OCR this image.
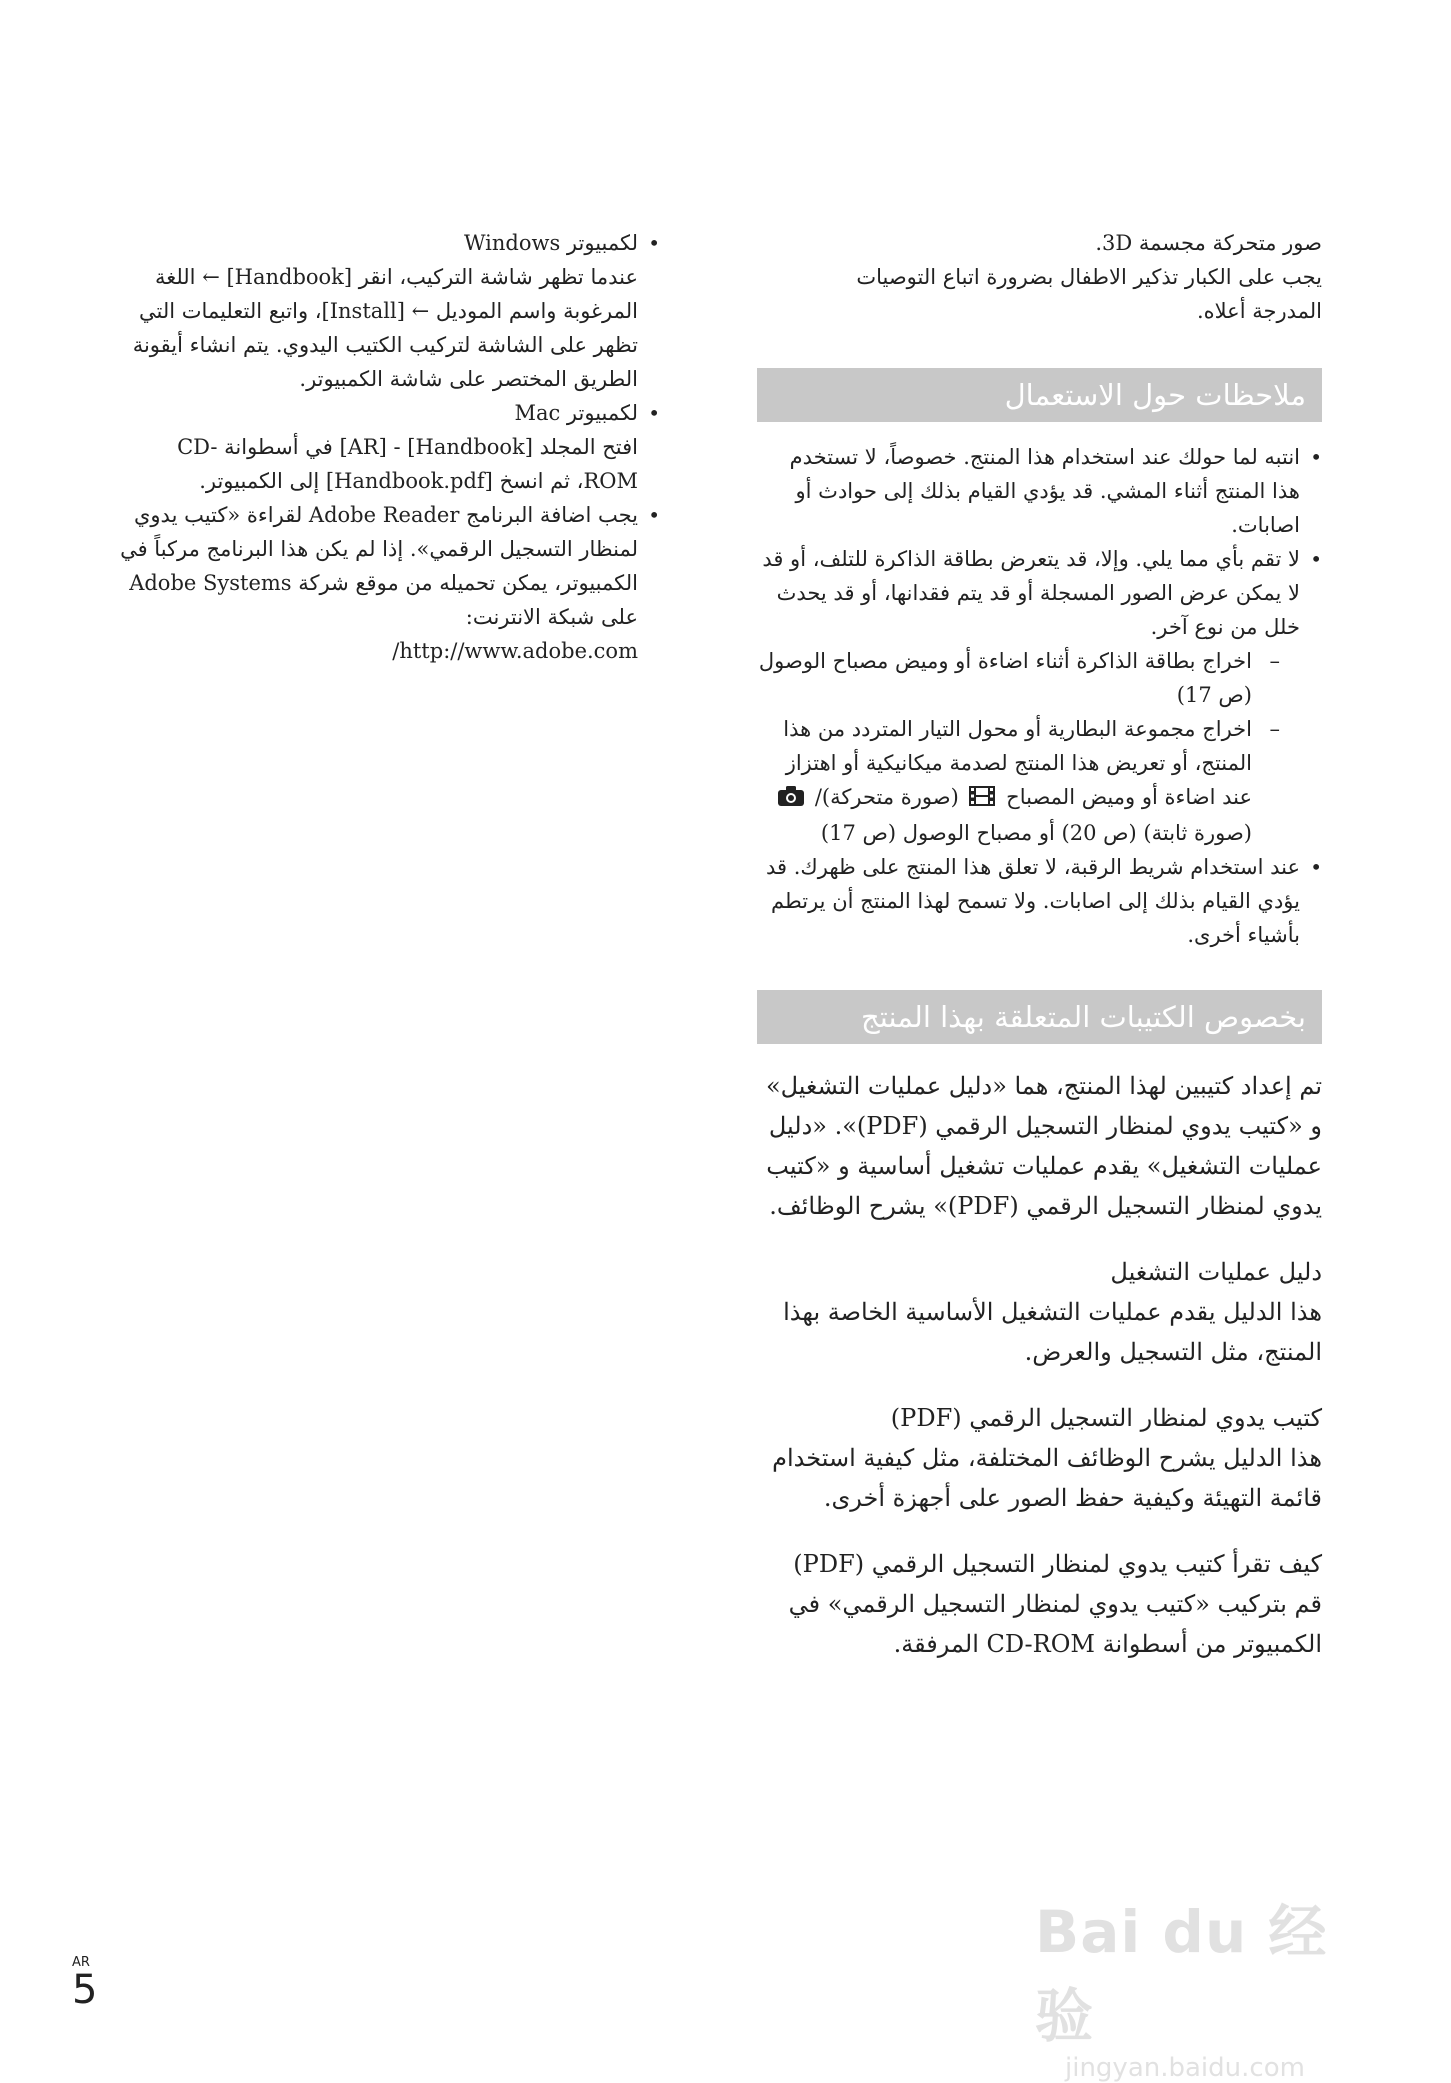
صور متحركة مجسمة 3D.

يجب على الكبار تذكير الاطفال بضرورة اتباع التوصيات

المدرجة أعلاه.

ملاحظات حول الاستعمال
• انتبه لما حولك عند استخدام هذا المنتج. خصوصاً، لا تستخدم هذا المنتج أثناء المشي. قد يؤدي القيام بذلك إلى حوادث أو اصابات.
• لا تقم بأي مما يلي. وإلا، قد يتعرض بطاقة الذاكرة للتلف، أو قد لا يمكن عرض الصور المسجلة أو قد يتم فقدانها، أو قد يحدث خلل من نوع آخر.
–
اخراج بطاقة الذاكرة أثناء اضاءة أو وميض مصباح الوصول (ص 17)
–
اخراج مجموعة البطارية أو محول التيار المتردد من هذا المنتج، أو تعريض هذا المنتج لصدمة ميكانيكية أو اهتزاز عند اضاءة أو وميض المصباح  (صورة متحركة)/  (صورة ثابتة) (ص 20) أو مصباح الوصول (ص 17)
• عند استخدام شريط الرقبة، لا تعلق هذا المنتج على ظهرك. قد يؤدي القيام بذلك إلى اصابات. ولا تسمح لهذا المنتج أن يرتطم بأشياء أخرى.
بخصوص الكتيبات المتعلقة بهذا المنتج

تم إعداد كتيبين لهذا المنتج، هما «دليل عمليات التشغيل» و «كتيب يدوي لمنظار التسجيل الرقمي (PDF)». «دليل عمليات التشغيل» يقدم عمليات تشغيل أساسية و «كتيب يدوي لمنظار التسجيل الرقمي (PDF)» يشرح الوظائف.

دليل عمليات التشغيل

هذا الدليل يقدم عمليات التشغيل الأساسية الخاصة بهذا المنتج، مثل التسجيل والعرض.

كتيب يدوي لمنظار التسجيل الرقمي (PDF)

هذا الدليل يشرح الوظائف المختلفة، مثل كيفية استخدام قائمة التهيئة وكيفية حفظ الصور على أجهزة أخرى.

كيف تقرأ كتيب يدوي لمنظار التسجيل الرقمي (PDF)

قم بتركيب «كتيب يدوي لمنظار التسجيل الرقمي» في الكمبيوتر من أسطوانة CD-ROM المرفقة.

• لكمبيوتر Windows

عندما تظهر شاشة التركيب، انقر [Handbook] ← اللغة المرغوبة واسم الموديل ← [Install]، واتبع التعليمات التي تظهر على الشاشة لتركيب الكتيب اليدوي. يتم انشاء أيقونة الطريق المختصر على شاشة الكمبيوتر.

• لكمبيوتر Mac

افتح المجلد [Handbook] - [AR] في أسطوانة CD-ROM، ثم انسخ [Handbook.pdf] إلى الكمبيوتر.

• يجب اضافة البرنامج Adobe Reader لقراءة «كتيب يدوي لمنظار التسجيل الرقمي». إذا لم يكن هذا البرنامج مركباً في الكمبيوتر، يمكن تحميله من موقع شركة Adobe Systems على شبكة الانترنت:

http://www.adobe.com/

AR
5
Bai du 经验
jingyan.baidu.com
